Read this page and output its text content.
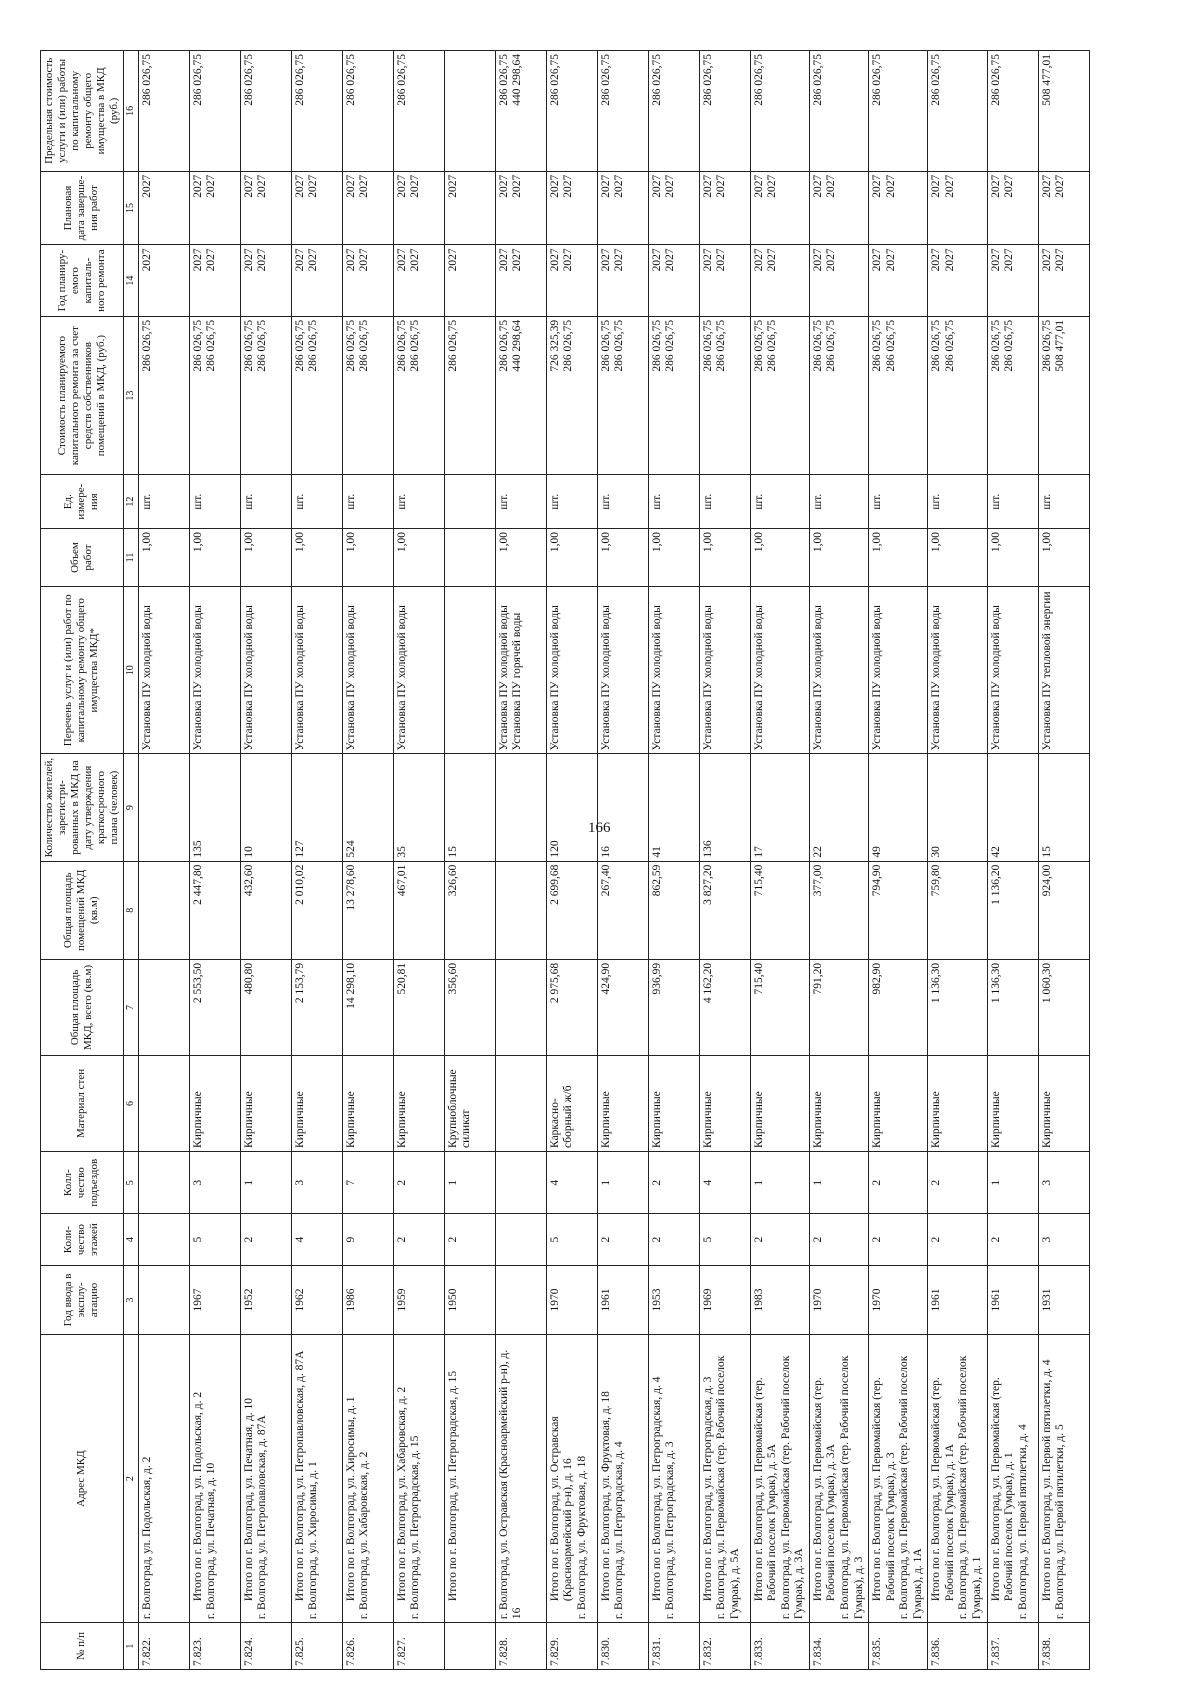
166
№ п/п	Адрес МКД	Год ввода в эксплу-атацию	Коли-чество этажей	Колл-чество подъездов	Материал стен	Общая площадь МКД, всего (кв.м)	Общая площадь помещений МКД (кв.м)	Количество жителей, зарегистри-рованных в МКД на дату утверждения краткосрочного плана (человек)	Перечень услуг и (или) работ по капитальному ремонту общего имущества МКД*	Объем работ	Ед. измере-ния	Стоимость планируемого капитального ремонта за счет средств собственников помещений в МКД, (руб.)	Год планиру-емого капиталь-ного ремонта	Плановая дата заверше-ния работ	Предельная стоимость услуги и (или) работы по капитальному ремонту общего имущества в МКД (руб.)
1	2	3	4	5	6	7	8	9	10	11	12	13	14	15	16
7.822.	г. Волгоград, ул. Подольская, д. 2								Установка ПУ холодной воды	1,00	шт.	286 026,75	2027	2027	286 026,75

7.823.	Итого по г. Волгоград, ул. Подольская, д. 2 г. Волгоград, ул. Печатная, д. 10	1967	5	3	Кирпичные	2 553,50	2 447,80	135	Установка ПУ холодной воды	1,00	шт.	286 026,75 286 026,75	2027 2027	2027 2027	286 026,75

7.824.	Итого по г. Волгоград, ул. Печатная, д. 10 г. Волгоград, ул. Петропавловская, д. 87А	1952	2	1	Кирпичные	480,80	432,60	10	Установка ПУ холодной воды	1,00	шт.	286 026,75 286 026,75	2027 2027	2027 2027	286 026,75

7.825.	Итого по г. Волгоград, ул. Петропавловская, д. 87А г. Волгоград, ул. Хиросимы, д. 1	1962	4	3	Кирпичные	2 153,79	2 010,02	127	Установка ПУ холодной воды	1,00	шт.	286 026,75 286 026,75	2027 2027	2027 2027	286 026,75

7.826.	Итого по г. Волгоград, ул. Хиросимы, д. 1 г. Волгоград, ул. Хабаровская, д. 2	1986	9	7	Кирпичные	14 298,10	13 278,60	524	Установка ПУ холодной воды	1,00	шт.	286 026,75 286 026,75	2027 2027	2027 2027	286 026,75

7.827.	Итого по г. Волгоград, ул. Хабаровская, д. 2 г. Волгоград, ул. Петроградская, д. 15	1959	2	2	Кирпичные	520,81	467,01	35	Установка ПУ холодной воды	1,00	шт.	286 026,75 286 026,75	2027 2027	2027 2027	286 026,75

	Итого по г. Волгоград, ул. Петроградская, д. 15	1950	2	1	Крупноблочные силикат	356,60	326,60	15				286 026,75	2027	2027	

7.828.	г. Волгоград, ул. Остравская (Красноармейский р-н), д. 16								Установка ПУ холодной воды Установка ПУ горячей воды	1,00	шт.	286 026,75 440 298,64	2027 2027	2027 2027	286 026,75 440 298,64

7.829.	Итого по г. Волгоград, ул. Остравская (Красноармейский р-н), д. 16 г. Волгоград, ул. Фруктовая, д. 18	1970	5	4	Каркасно-сборный ж/б	2 975,68	2 699,68	120	Установка ПУ холодной воды	1,00	шт.	726 325,39 286 026,75	2027 2027	2027 2027	286 026,75

7.830.	Итого по г. Волгоград, ул. Фруктовая, д. 18 г. Волгоград, ул. Петроградская, д. 4	1961	2	1	Кирпичные	424,90	267,40	16	Установка ПУ холодной воды	1,00	шт.	286 026,75 286 026,75	2027 2027	2027 2027	286 026,75

7.831.	Итого по г. Волгоград, ул. Петроградская, д. 4 г. Волгоград, ул. Петроградская, д. 3	1953	2	2	Кирпичные	936,99	862,59	41	Установка ПУ холодной воды	1,00	шт.	286 026,75 286 026,75	2027 2027	2027 2027	286 026,75

7.832.	Итого по г. Волгоград, ул. Петроградская, д. 3 г. Волгоград, ул. Первомайская (тер. Рабочий поселок Гумрак), д. 5А	1969	5	4	Кирпичные	4 162,20	3 827,20	136	Установка ПУ холодной воды	1,00	шт.	286 026,75 286 026,75	2027 2027	2027 2027	286 026,75

7.833.	Итого по г. Волгоград, ул. Первомайская (тер. Рабочий поселок Гумрак), д. 5А г. Волгоград, ул. Первомайская (тер. Рабочий поселок Гумрак), д. 3А	1983	2	1	Кирпичные	715,40	715,40	17	Установка ПУ холодной воды	1,00	шт.	286 026,75 286 026,75	2027 2027	2027 2027	286 026,75

7.834.	Итого по г. Волгоград, ул. Первомайская (тер. Рабочий поселок Гумрак), д. 3А г. Волгоград, ул. Первомайская (тер. Рабочий поселок Гумрак), д. 3	1970	2	1	Кирпичные	791,20	377,00	22	Установка ПУ холодной воды	1,00	шт.	286 026,75 286 026,75	2027 2027	2027 2027	286 026,75

7.835.	Итого по г. Волгоград, ул. Первомайская (тер. Рабочий поселок Гумрак), д. 3 г. Волгоград, ул. Первомайская (тер. Рабочий поселок Гумрак), д. 1А	1970	2	2	Кирпичные	982,90	794,90	49	Установка ПУ холодной воды	1,00	шт.	286 026,75 286 026,75	2027 2027	2027 2027	286 026,75

7.836.	Итого по г. Волгоград, ул. Первомайская (тер. Рабочий поселок Гумрак), д. 1А г. Волгоград, ул. Первомайская (тер. Рабочий поселок Гумрак), д. 1	1961	2	2	Кирпичные	1 136,30	759,80	30	Установка ПУ холодной воды	1,00	шт.	286 026,75 286 026,75	2027 2027	2027 2027	286 026,75

7.837.	Итого по г. Волгоград, ул. Первомайская (тер. Рабочий поселок Гумрак), д. 1 г. Волгоград, ул. Первой пятилетки, д. 4	1961	2	1	Кирпичные	1 136,30	1 136,20	42	Установка ПУ холодной воды	1,00	шт.	286 026,75 286 026,75	2027 2027	2027 2027	286 026,75

7.838.	Итого по г. Волгоград, ул. Первой пятилетки, д. 4 г. Волгоград, ул. Первой пятилетки, д. 5	1931	3	3	Кирпичные	1 060,30	924,00	15	Установка ПУ тепловой энергии	1,00	шт.	286 026,75 508 477,01	2027 2027	2027 2027	508 477,01
